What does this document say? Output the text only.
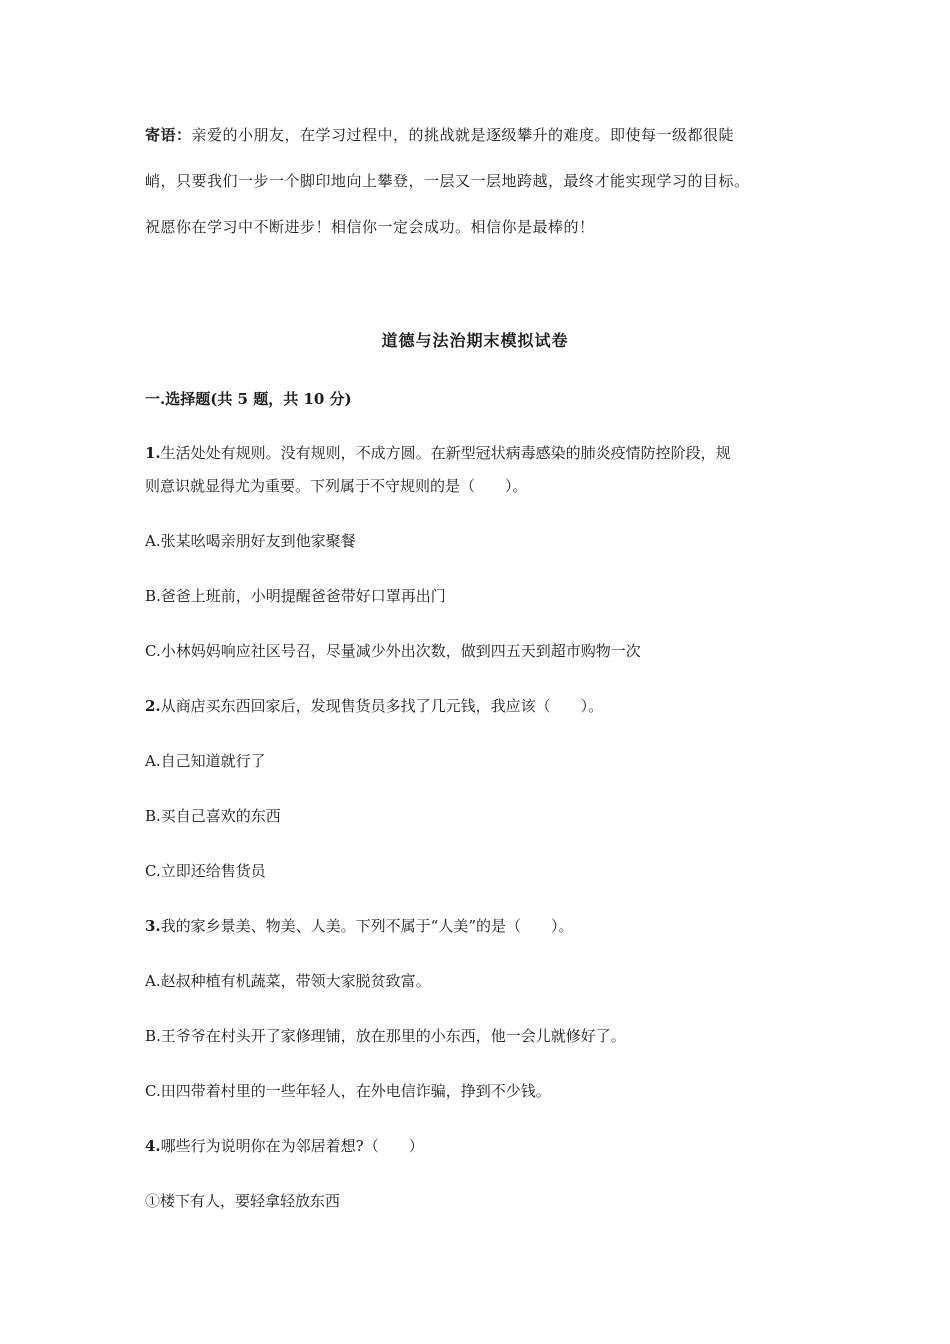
寄语：亲爱的小朋友，在学习过程中，的挑战就是逐级攀升的难度。即使每一级都很陡
峭，只要我们一步一个脚印地向上攀登，一层又一层地跨越，最终才能实现学习的目标。
祝愿你在学习中不断进步！相信你一定会成功。相信你是最棒的！
道德与法治期末模拟试卷
一.选择题(共 5 题，共 10 分)
1.生活处处有规则。没有规则，不成方圆。在新型冠状病毒感染的肺炎疫情防控阶段，规
则意识就显得尤为重要。下列属于不守规则的是（　　）。
A.张某吆喝亲朋好友到他家聚餐
B.爸爸上班前，小明提醒爸爸带好口罩再出门
C.小林妈妈响应社区号召，尽量减少外出次数，做到四五天到超市购物一次
2.从商店买东西回家后，发现售货员多找了几元钱，我应该（　　）。
A.自己知道就行了
B.买自己喜欢的东西
C.立即还给售货员
3.我的家乡景美、物美、人美。下列不属于“人美”的是（　　）。
A.赵叔种植有机蔬菜，带领大家脱贫致富。
B.王爷爷在村头开了家修理铺，放在那里的小东西，他一会儿就修好了。
C.田四带着村里的一些年轻人，在外电信诈骗，挣到不少钱。
4.哪些行为说明你在为邻居着想?（　　）
①楼下有人，要轻拿轻放东西
